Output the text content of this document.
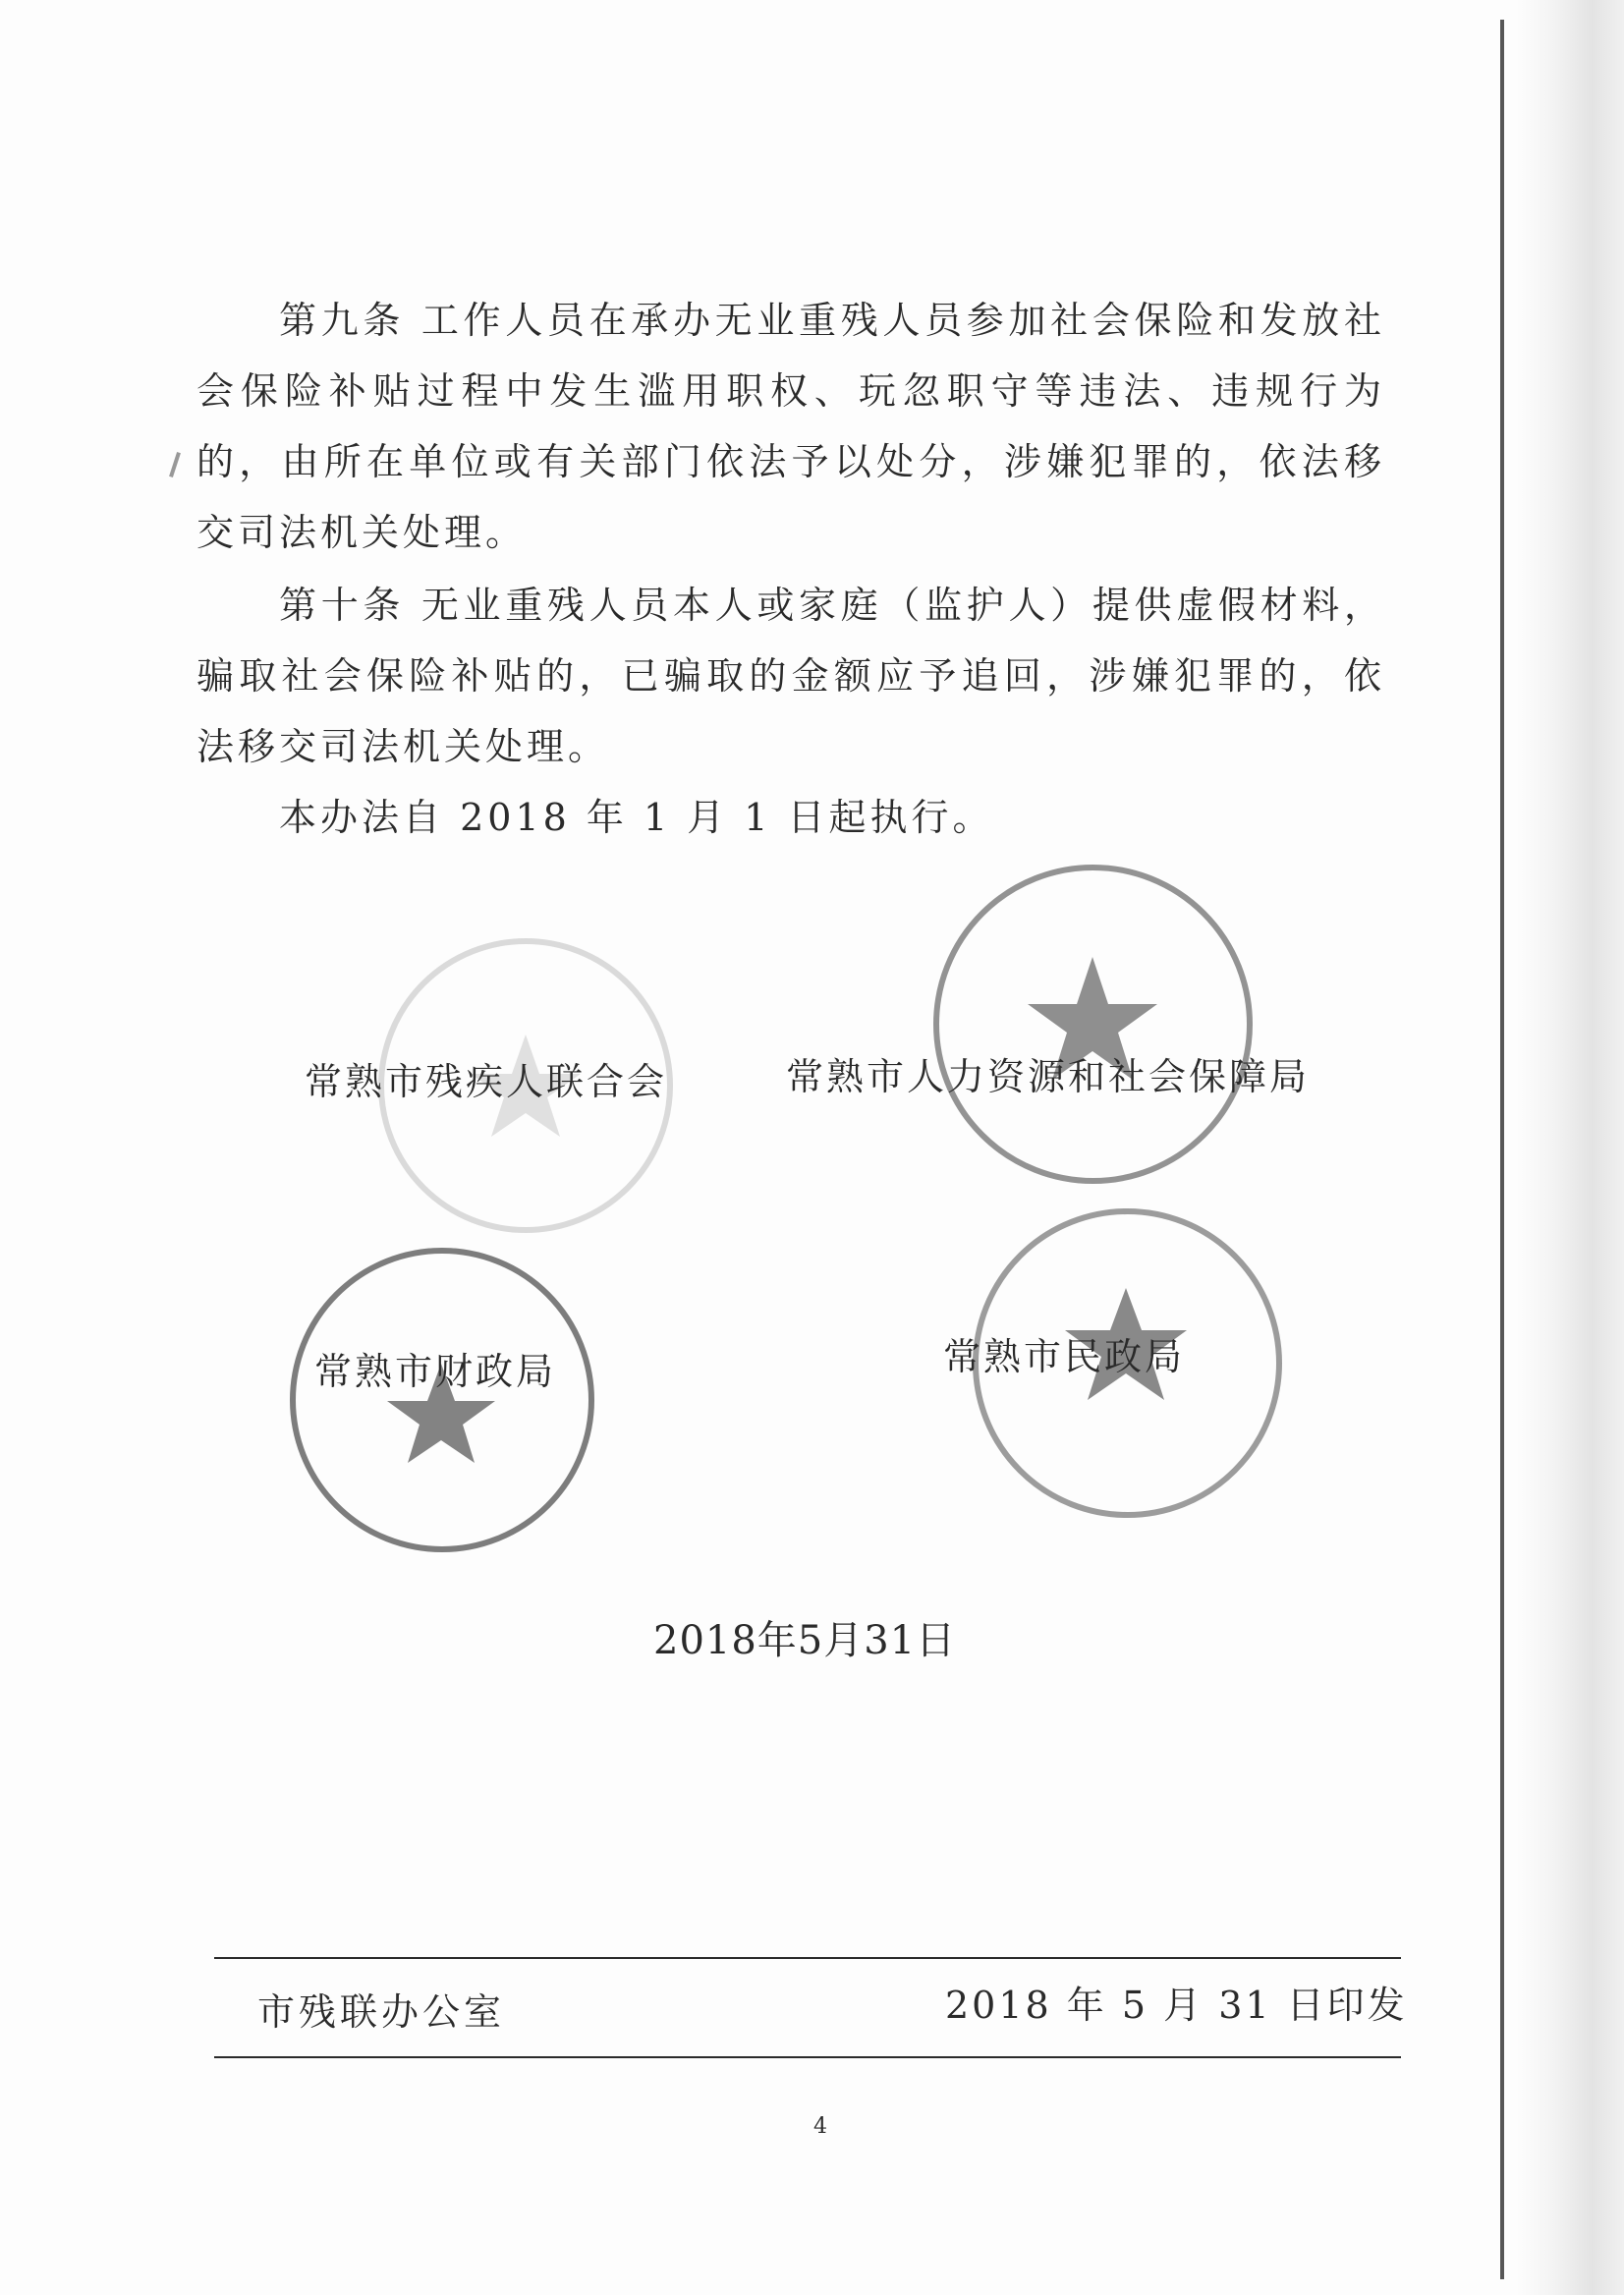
第九条 工作人员在承办无业重残人员参加社会保险和发放社会保险补贴过程中发生滥用职权、玩忽职守等违法、违规行为的，由所在单位或有关部门依法予以处分，涉嫌犯罪的，依法移交司法机关处理。

第十条 无业重残人员本人或家庭（监护人）提供虚假材料，骗取社会保险补贴的，已骗取的金额应予追回，涉嫌犯罪的，依法移交司法机关处理。

本办法自 2018 年 1 月 1 日起执行。

常熟市残疾人联合会	常熟市人力资源和社会保障局
常熟市财政局	常熟市民政局
2018年5月31日
市残联办公室	2018 年 5 月 31 日印发
4
